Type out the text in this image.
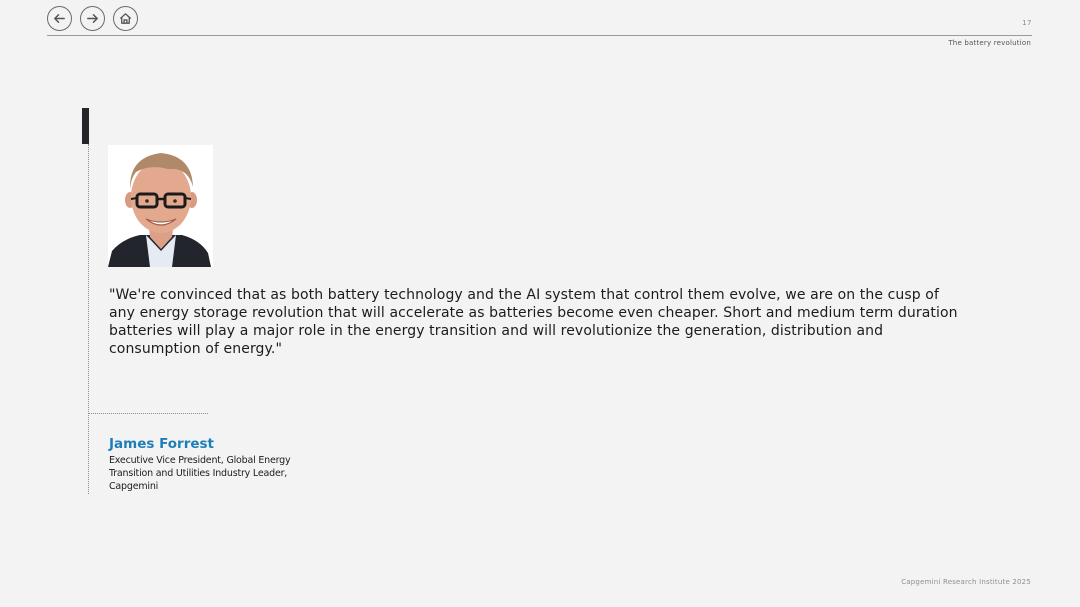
17
The battery revolution
"We're convinced that as both battery technology and the AI system that control them evolve, we are on the cusp of any energy storage revolution that will accelerate as batteries become even cheaper. Short and medium term duration batteries will play a major role in the energy transition and will revolutionize the generation, distribution and consumption of energy."
James Forrest
Executive Vice President, Global Energy Transition and Utilities Industry Leader, Capgemini
Capgemini Research Institute 2025
